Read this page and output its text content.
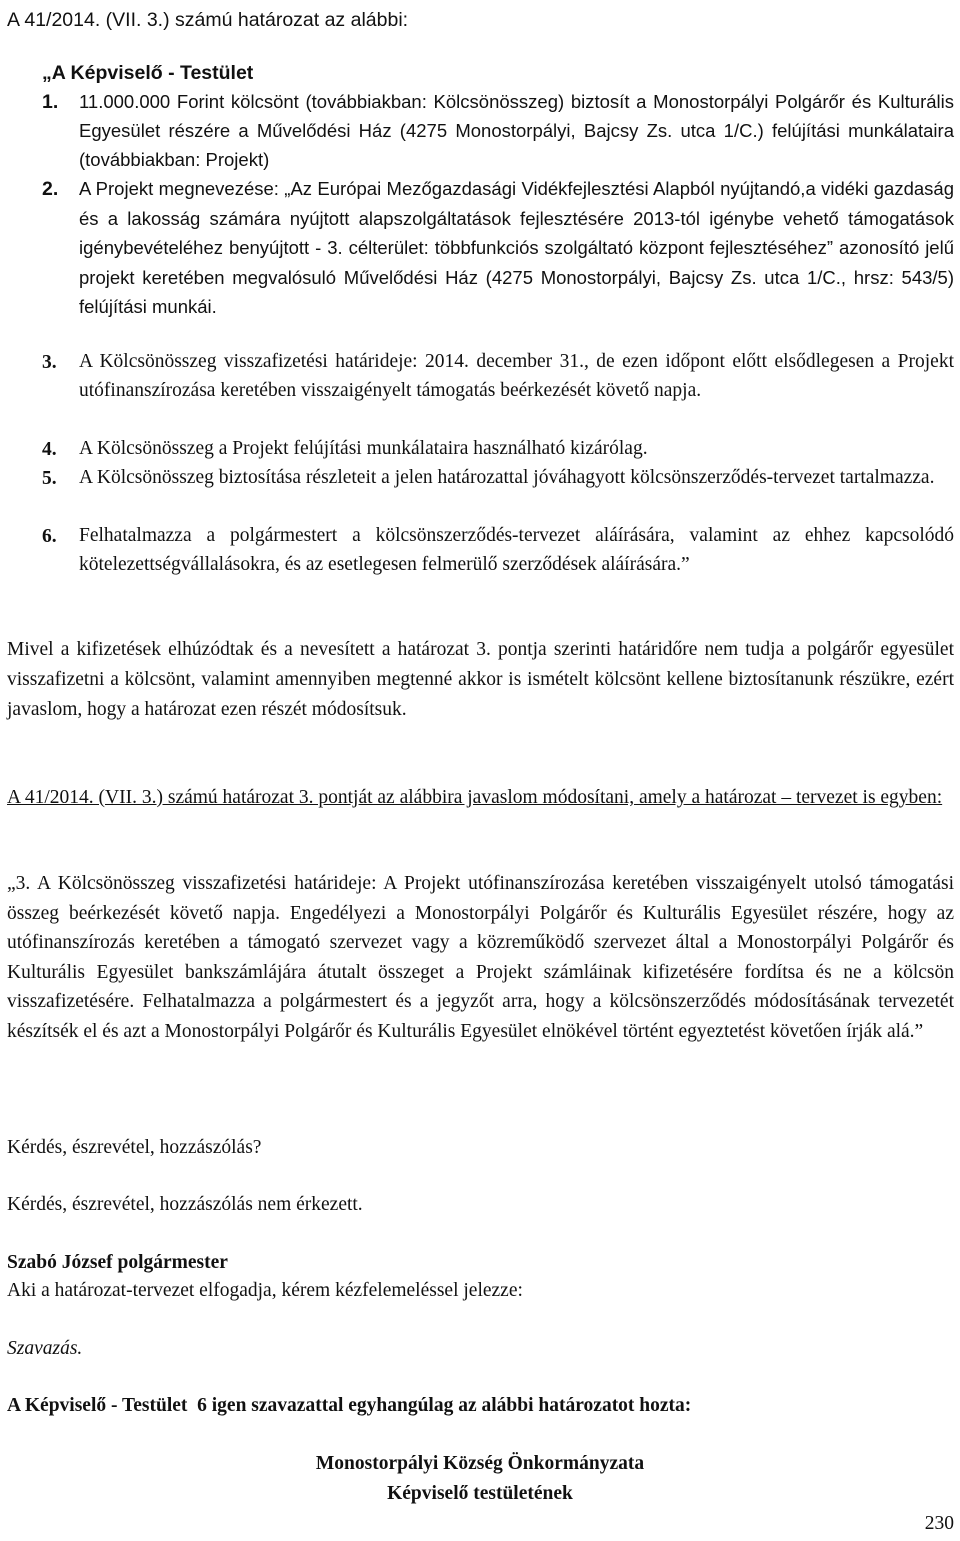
A 41/2014. (VII. 3.) számú határozat az alábbi:
„A Képviselő - Testület
1. 11.000.000 Forint kölcsönt (továbbiakban: Kölcsönösszeg) biztosít a Monostorpályi Polgárőr és Kulturális Egyesület részére a Művelődési Ház (4275 Monostorpályi, Bajcsy Zs. utca 1/C.) felújítási munkálataira (továbbiakban: Projekt)
2. A Projekt megnevezése: „Az Európai Mezőgazdasági Vidékfejlesztési Alapból nyújtandó,a vidéki gazdaság és a lakosság számára nyújtott alapszolgáltatások fejlesztésére 2013-tól igénybe vehető támogatások igénybevételéhez benyújtott - 3. célterület: többfunkciós szolgáltató központ fejlesztéséhez” azonosító jelű projekt keretében megvalósuló Művelődési Ház (4275 Monostorpályi, Bajcsy Zs. utca 1/C., hrsz: 543/5) felújítási munkái.
3. A Kölcsönösszeg visszafizetési határideje: 2014. december 31., de ezen időpont előtt elsődlegesen a Projekt utófinanszírozása keretében visszaigényelt támogatás beérkezését követő napja.
4. A Kölcsönösszeg a Projekt felújítási munkálataira használható kizárólag.
5. A Kölcsönösszeg biztosítása részleteit a jelen határozattal jóváhagyott kölcsönszerződés-tervezet tartalmazza.
6. Felhatalmazza a polgármestert a kölcsönszerződés-tervezet aláírására, valamint az ehhez kapcsolódó kötelezettségvállalásokra, és az esetlegesen felmerülő szerződések aláírására.”
Mivel a kifizetések elhúzódtak és a nevesített a határozat 3. pontja szerinti határidőre nem tudja a polgárőr egyesület visszafizetni a kölcsönt, valamint amennyiben megtenné akkor is ismételt kölcsönt kellene biztosítanunk részükre, ezért javaslom, hogy a határozat ezen részét módosítsuk.
A 41/2014. (VII. 3.) számú határozat 3. pontját az alábbira javaslom módosítani, amely a határozat – tervezet is egyben:
„3. A Kölcsönösszeg visszafizetési határideje: A Projekt utófinanszírozása keretében visszaigényelt utolsó támogatási összeg beérkezését követő napja. Engedélyezi a Monostorpályi Polgárőr és Kulturális Egyesület részére, hogy az utófinanszírozás keretében a támogató szervezet vagy a közreműködő szervezet által a Monostorpályi Polgárőr és Kulturális Egyesület bankszámlájára átutalt összeget a Projekt számláinak kifizetésére fordítsa és ne a kölcsön visszafizetésére. Felhatalmazza a polgármestert és a jegyzőt arra, hogy a kölcsönszerződés módosításának tervezetét készítsék el és azt a Monostorpályi Polgárőr és Kulturális Egyesület elnökével történt egyeztetést követően írják alá.”
Kérdés, észrevétel, hozzászólás?
Kérdés, észrevétel, hozzászólás nem érkezett.
Szabó József polgármester
Aki a határozat-tervezet elfogadja, kérem kézfelemeléssel jelezze:
Szavazás.
A Képviselő - Testület  6 igen szavazattal egyhangúlag az alábbi határozatot hozta:
Monostorpályi Község Önkormányzata
Képviselő testületének
230
